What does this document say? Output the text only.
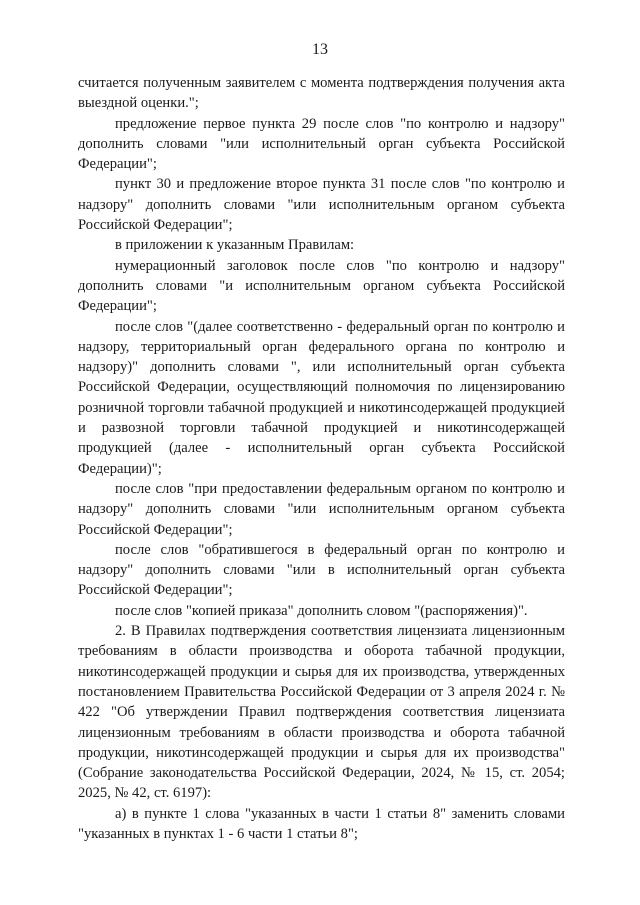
13

считается полученным заявителем с момента подтверждения получения акта выездной оценки.";

предложение первое пункта 29 после слов "по контролю и надзору" дополнить словами "или исполнительный орган субъекта Российской Федерации";

пункт 30 и предложение второе пункта 31 после слов "по контролю и надзору" дополнить словами "или исполнительным органом субъекта Российской Федерации";

в приложении к указанным Правилам:

нумерационный заголовок после слов "по контролю и надзору" дополнить словами "и исполнительным органом субъекта Российской Федерации";

после слов "(далее соответственно - федеральный орган по контролю и надзору, территориальный орган федерального органа по контролю и надзору)" дополнить словами ", или исполнительный орган субъекта Российской Федерации, осуществляющий полномочия по лицензированию розничной торговли табачной продукцией и никотинсодержащей продукцией и развозной торговли табачной продукцией и никотинсодержащей продукцией (далее - исполнительный орган субъекта Российской Федерации)";

после слов "при предоставлении федеральным органом по контролю и надзору" дополнить словами "или исполнительным органом субъекта Российской Федерации";

после слов "обратившегося в федеральный орган по контролю и надзору" дополнить словами "или в исполнительный орган субъекта Российской Федерации";

после слов "копией приказа" дополнить словом "(распоряжения)".

2. В Правилах подтверждения соответствия лицензиата лицензионным требованиям в области производства и оборота табачной продукции, никотинсодержащей продукции и сырья для их производства, утвержденных постановлением Правительства Российской Федерации от 3 апреля 2024 г. № 422 "Об утверждении Правил подтверждения соответствия лицензиата лицензионным требованиям в области производства и оборота табачной продукции, никотинсодержащей продукции и сырья для их производства" (Собрание законодательства Российской Федерации, 2024, № 15, ст. 2054; 2025, № 42, ст. 6197):

а) в пункте 1 слова "указанных в части 1 статьи 8" заменить словами "указанных в пунктах 1 - 6 части 1 статьи 8";
